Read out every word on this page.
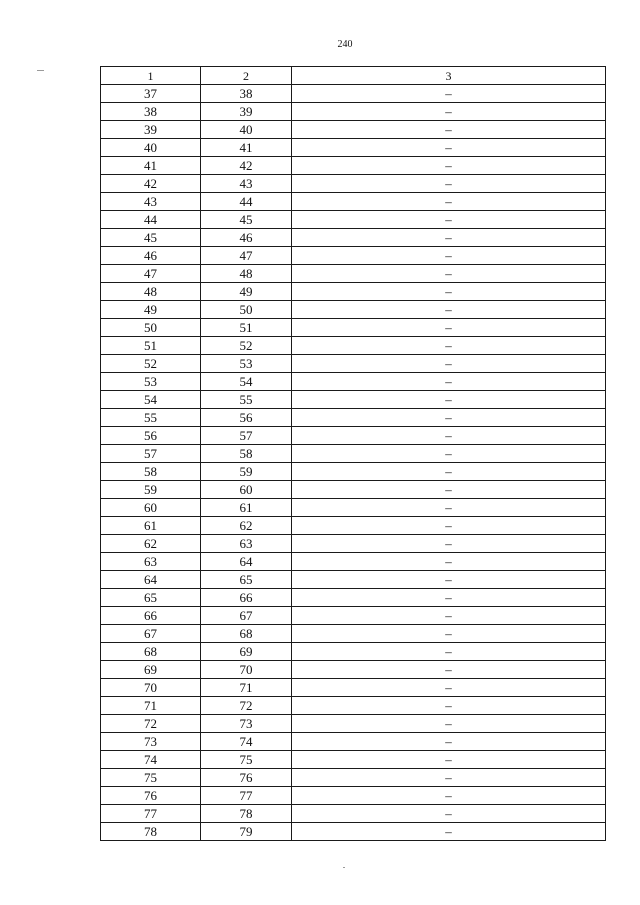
240
1	2	3
37	38	–
38	39	–
39	40	–
40	41	–
41	42	–
42	43	–
43	44	–
44	45	–
45	46	–
46	47	–
47	48	–
48	49	–
49	50	–
50	51	–
51	52	–
52	53	–
53	54	–
54	55	–
55	56	–
56	57	–
57	58	–
58	59	–
59	60	–
60	61	–
61	62	–
62	63	–
63	64	–
64	65	–
65	66	–
66	67	–
67	68	–
68	69	–
69	70	–
70	71	–
71	72	–
72	73	–
73	74	–
74	75	–
75	76	–
76	77	–
77	78	–
78	79	–
